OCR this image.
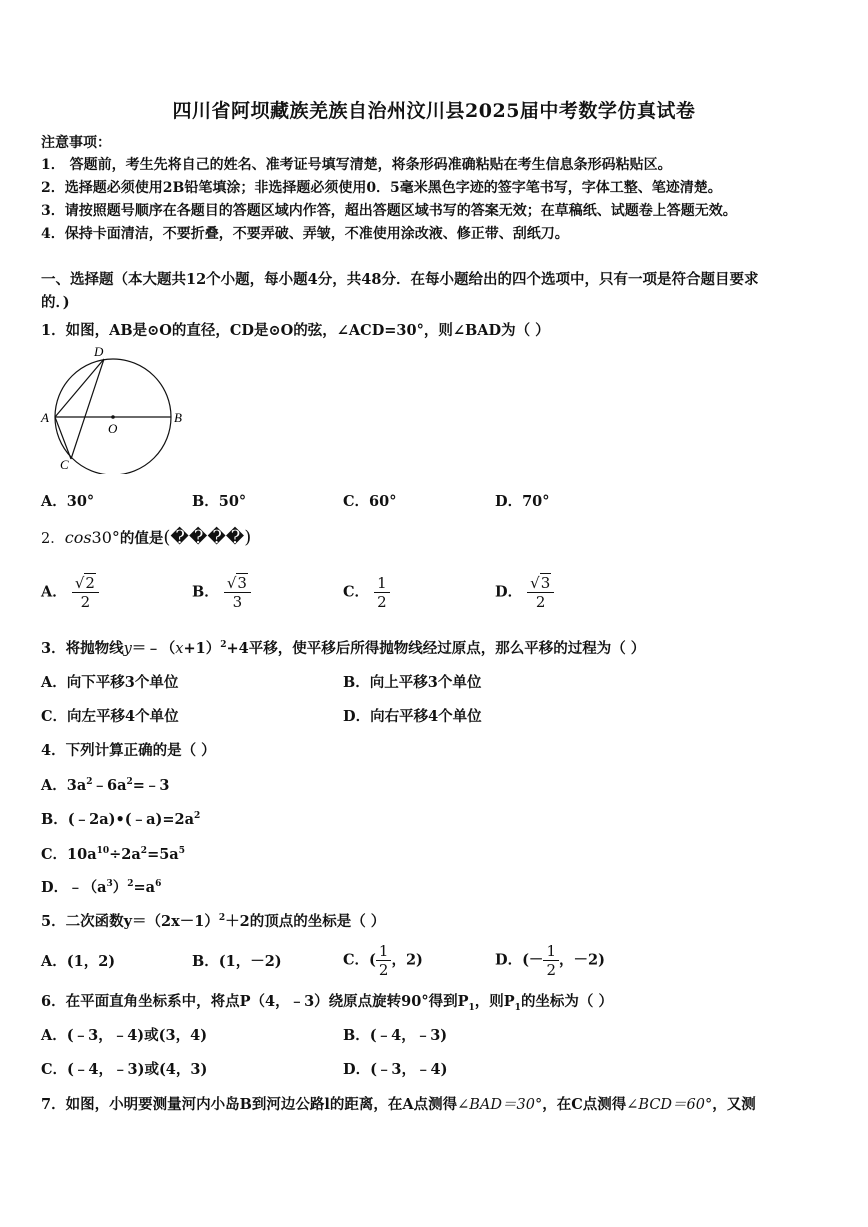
四川省阿坝藏族羌族自治州汶川县2025届中考数学仿真试卷
注意事项：
1． 答题前，考生先将自己的姓名、准考证号填写清楚，将条形码准确粘贴在考生信息条形码粘贴区。
2．选择题必须使用2B铅笔填涂；非选择题必须使用0．5毫米黑色字迹的签字笔书写，字体工整、笔迹清楚。
3．请按照题号顺序在各题目的答题区域内作答，超出答题区域书写的答案无效；在草稿纸、试题卷上答题无效。
4．保持卡面清洁，不要折叠，不要弄破、弄皱，不准使用涂改液、修正带、刮纸刀。
一、选择题（本大题共12个小题，每小题4分，共48分．在每小题给出的四个选项中，只有一项是符合题目要求
的．)
1．如图，AB是⊙O的直径，CD是⊙O的弦，∠ACD=30°，则∠BAD为（ ）
A	B
C
D
O
A．30°	B．50°	C．60°	D．70°
2．cos30°的值是(����)
A． $\frac{√2}{2}$	B． $\frac{√3}{3}$	C． $\frac{1}{2}$	D． $\frac{√3}{2}$
3．将抛物线$y=﹣(x+1)^2+4$平移，使平移后所得抛物线经过原点，那么平移的过程为（ ）
A．向下平移3个单位	B．向上平移3个单位
C．向左平移4个单位	D．向右平移4个单位
4．下列计算正确的是（ ）
A．$3a^2﹣6a^2=﹣3$
B．$(﹣2a)•(﹣a)=2a^2$
C．$10a^{10}\div 2a^2=5a^5$
D．$﹣(a^3)^2=a^6$
5．二次函数$y=(2x-1)^2+2$的顶点的坐标是（ ）
A．(1，2)	B．(1，－2)	C．( $\frac{1}{2}$ ，2)	D．(－ $\frac{1}{2}$ ，－2)
6．在平面直角坐标系中，将点P（4，﹣3）绕原点旋转90°得到$P_1$，则$P_1$的坐标为（ ）
A．(﹣3，﹣4)或(3，4)	B．(﹣4，﹣3)
C．(﹣4，﹣3)或(4，3)	D．(﹣3，﹣4)
7．如图，小明要测量河内小岛B到河边公路l的距离，在A点测得∠BAD＝30°，在C点测得∠BCD＝60°，又测
